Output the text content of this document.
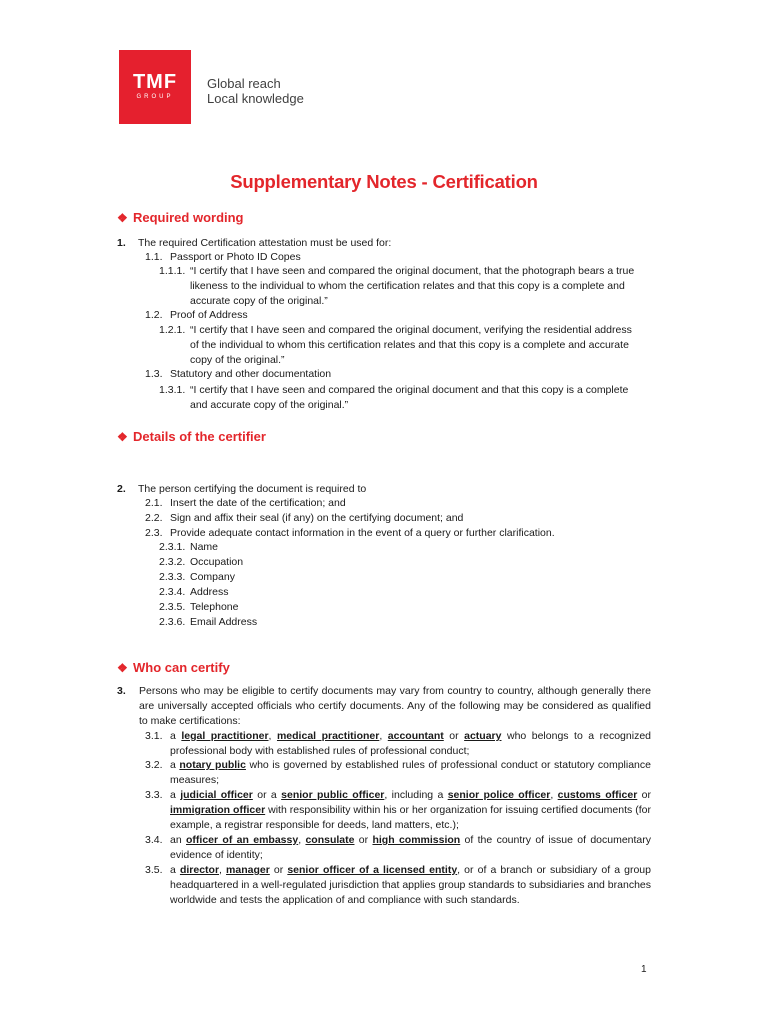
TMF
GROUP
Global reach
Local knowledge
Supplementary Notes - Certification
❖ Required wording
1. The required Certification attestation must be used for:
1.1. Passport or Photo ID Copes
1.1.1. “I certify that I have seen and compared the original document, that the photograph bears a true
likeness to the individual to whom the certification relates and that this copy is a complete and
accurate copy of the original.”
1.2. Proof of Address
1.2.1. “I certify that I have seen and compared the original document, verifying the residential address
of the individual to whom this certification relates and that this copy is a complete and accurate
copy of the original.”
1.3. Statutory and other documentation
1.3.1. “I certify that I have seen and compared the original document and that this copy is a complete
and accurate copy of the original.”
❖ Details of the certifier
2. The person certifying the document is required to
2.1. Insert the date of the certification; and
2.2. Sign and affix their seal (if any) on the certifying document; and
2.3. Provide adequate contact information in the event of a query or further clarification.
2.3.1. Name
2.3.2. Occupation
2.3.3. Company
2.3.4. Address
2.3.5. Telephone
2.3.6. Email Address
❖ Who can certify
3. Persons who may be eligible to certify documents may vary from country to country, although generally there are universally accepted officials who certify documents. Any of the following may be considered as qualified to make certifications:
3.1. a legal practitioner, medical practitioner, accountant or actuary who belongs to a recognized professional body with established rules of professional conduct;
3.2. a notary public who is governed by established rules of professional conduct or statutory compliance measures;
3.3. a judicial officer or a senior public officer, including a senior police officer, customs officer or immigration officer with responsibility within his or her organization for issuing certified documents (for example, a registrar responsible for deeds, land matters, etc.);
3.4. an officer of an embassy, consulate or high commission of the country of issue of documentary evidence of identity;
3.5. a director, manager or senior officer of a licensed entity, or of a branch or subsidiary of a group headquartered in a well-regulated jurisdiction that applies group standards to subsidiaries and branches worldwide and tests the application of and compliance with such standards.
1
